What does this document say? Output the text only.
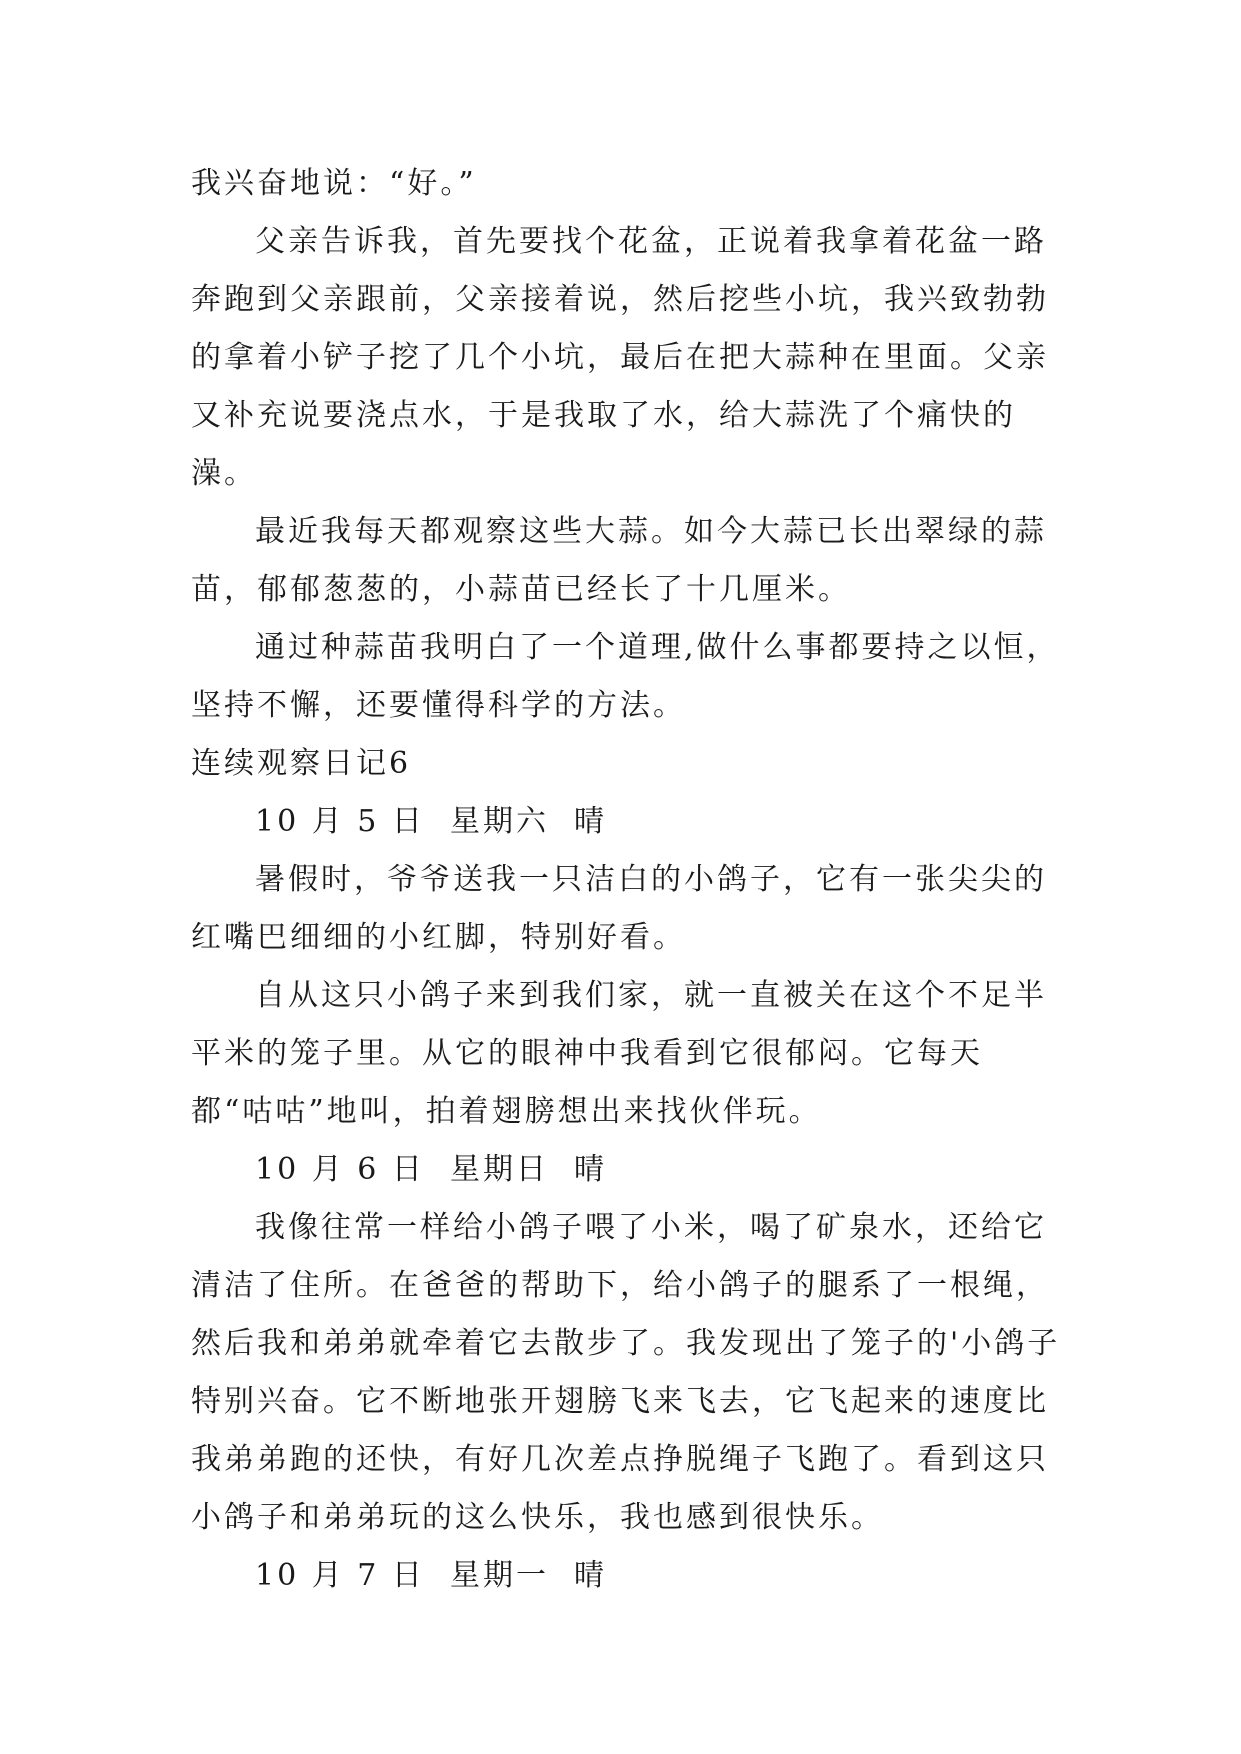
我兴奋地说：“好。”

父亲告诉我，首先要找个花盆，正说着我拿着花盆一路奔跑到父亲跟前，父亲接着说，然后挖些小坑，我兴致勃勃的拿着小铲子挖了几个小坑，最后在把大蒜种在里面。父亲又补充说要浇点水，于是我取了水，给大蒜洗了个痛快的澡。

最近我每天都观察这些大蒜。如今大蒜已长出翠绿的蒜苗，郁郁葱葱的，小蒜苗已经长了十几厘米。

通过种蒜苗我明白了一个道理,做什么事都要持之以恒，坚持不懈，还要懂得科学的方法。

连续观察日记6

10 月 5 日  星期六  晴

暑假时，爷爷送我一只洁白的小鸽子，它有一张尖尖的红嘴巴细细的小红脚，特别好看。

自从这只小鸽子来到我们家，就一直被关在这个不足半平米的笼子里。从它的眼神中我看到它很郁闷。它每天都“咕咕”地叫，拍着翅膀想出来找伙伴玩。

10 月 6 日  星期日  晴

我像往常一样给小鸽子喂了小米，喝了矿泉水，还给它清洁了住所。在爸爸的帮助下，给小鸽子的腿系了一根绳，然后我和弟弟就牵着它去散步了。我发现出了笼子的'小鸽子特别兴奋。它不断地张开翅膀飞来飞去，它飞起来的速度比我弟弟跑的还快，有好几次差点挣脱绳子飞跑了。看到这只小鸽子和弟弟玩的这么快乐，我也感到很快乐。

10 月 7 日  星期一  晴
